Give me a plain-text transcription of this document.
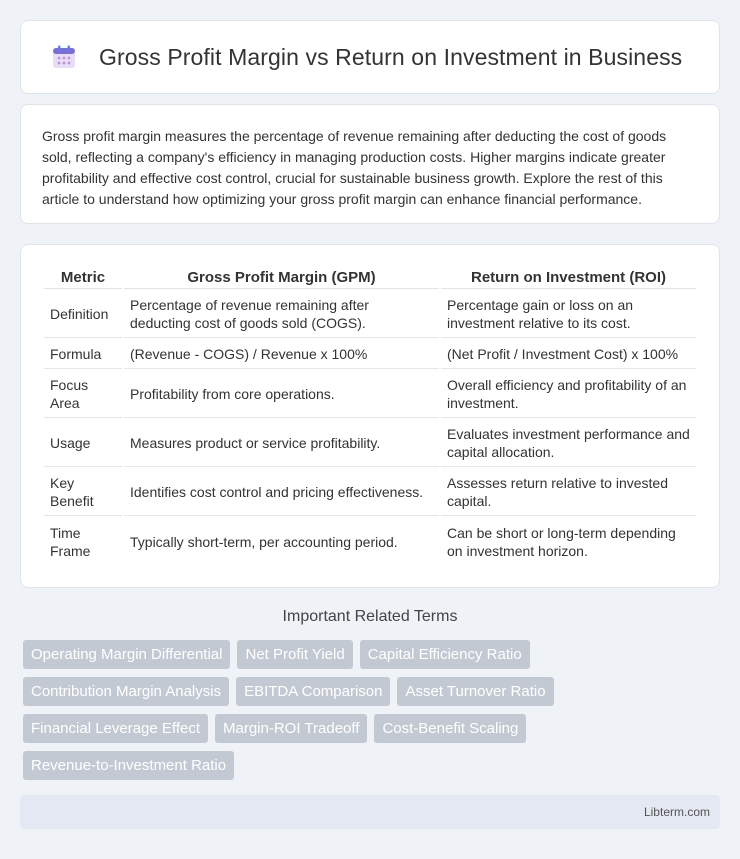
Gross Profit Margin vs Return on Investment in Business

Gross profit margin measures the percentage of revenue remaining after deducting the cost of goods sold, reflecting a company's efficiency in managing production costs. Higher margins indicate greater profitability and effective cost control, crucial for sustainable business growth. Explore the rest of this article to understand how optimizing your gross profit margin can enhance financial performance.

Metric	Gross Profit Margin (GPM)	Return on Investment (ROI)
Definition	Percentage of revenue remaining after deducting cost of goods sold (COGS).	Percentage gain or loss on an investment relative to its cost.
Formula	(Revenue - COGS) / Revenue x 100%	(Net Profit / Investment Cost) x 100%
Focus Area	Profitability from core operations.	Overall efficiency and profitability of an investment.
Usage	Measures product or service profitability.	Evaluates investment performance and capital allocation.
Key Benefit	Identifies cost control and pricing effectiveness.	Assesses return relative to invested capital.
Time Frame	Typically short-term, per accounting period.	Can be short or long-term depending on investment horizon.
Important Related Terms
Operating Margin Differential	Net Profit Yield	Capital Efficiency Ratio
Contribution Margin Analysis	EBITDA Comparison	Asset Turnover Ratio
Financial Leverage Effect	Margin-ROI Tradeoff	Cost-Benefit Scaling
Revenue-to-Investment Ratio
Libterm.com
